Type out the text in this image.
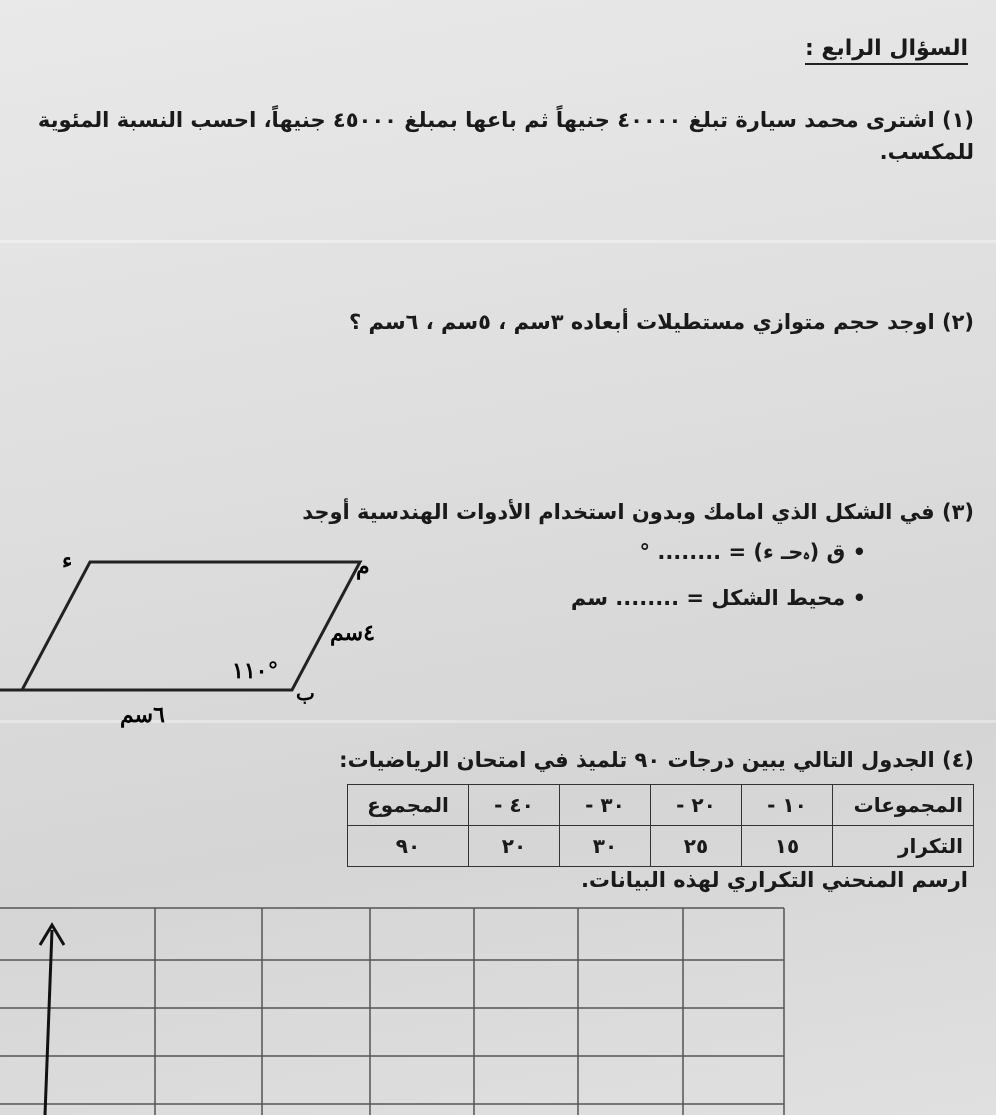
السؤال الرابع :
(١) اشترى محمد سيارة تبلغ ٤٠٠٠٠ جنيهاً ثم باعها بمبلغ ٤٥٠٠٠ جنيهاً، احسب النسبة المئوية
للمكسب.
(٢) اوجد حجم متوازي مستطيلات أبعاده ٣سم ، ٥سم ، ٦سم ؟
(٣) في الشكل الذي امامك وبدون استخدام الأدوات الهندسية أوجد
• ق (ﮦحـ ء) = ........ °
• محيط الشكل = ........ سم
ء	م
ب
٤سم
٦سم
١١٠°
(٤) الجدول التالي يبين درجات ٩٠ تلميذ في امتحان الرياضيات:
المجموعات	١٠ -	٢٠ -	٣٠ -	٤٠ -	المجموع
التكرار	١٥	٢٥	٣٠	٢٠	٩٠
ارسم المنحني التكراري لهذه البيانات.
